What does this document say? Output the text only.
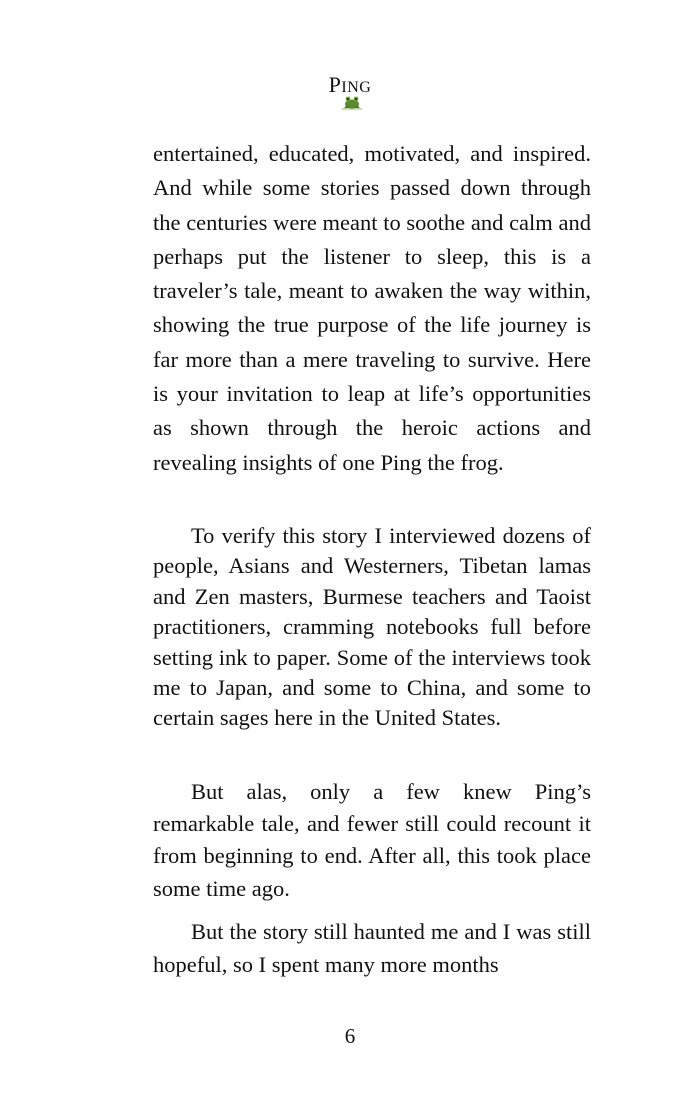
PING

entertained, educated, motivated, and inspired. And while some stories passed down through the centuries were meant to soothe and calm and perhaps put the listener to sleep, this is a traveler’s tale, meant to awaken the way within, showing the true purpose of the life journey is far more than a mere traveling to survive. Here is your invitation to leap at life’s opportunities as shown through the heroic actions and revealing insights of one Ping the frog.

To verify this story I interviewed dozens of people, Asians and Westerners, Tibetan lamas and Zen masters, Burmese teachers and Taoist practitioners, cramming notebooks full before setting ink to paper. Some of the interviews took me to Japan, and some to China, and some to certain sages here in the United States.

But alas, only a few knew Ping’s remarkable tale, and fewer still could recount it from beginning to end. After all, this took place some time ago.

But the story still haunted me and I was still hopeful, so I spent many more months

6
